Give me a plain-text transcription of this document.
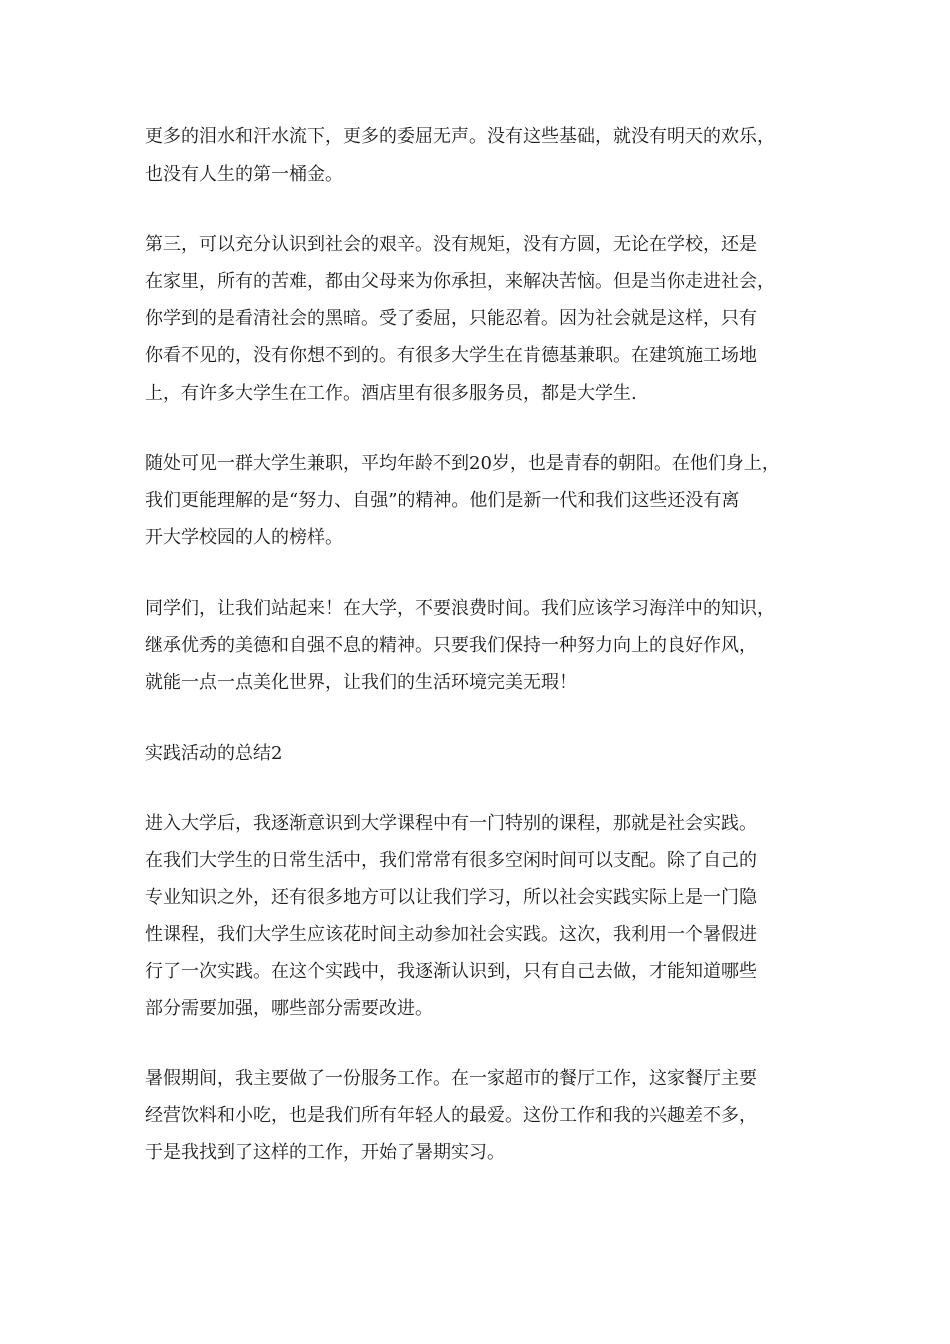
更多的泪水和汗水流下，更多的委屈无声。没有这些基础，就没有明天的欢乐，
也没有人生的第一桶金。
第三，可以充分认识到社会的艰辛。没有规矩，没有方圆，无论在学校，还是
在家里，所有的苦难，都由父母来为你承担，来解决苦恼。但是当你走进社会，
你学到的是看清社会的黑暗。受了委屈，只能忍着。因为社会就是这样，只有
你看不见的，没有你想不到的。有很多大学生在肯德基兼职。在建筑施工场地
上，有许多大学生在工作。酒店里有很多服务员，都是大学生.
随处可见一群大学生兼职，平均年龄不到20岁，也是青春的朝阳。在他们身上，
我们更能理解的是“努力、自强”的精神。他们是新一代和我们这些还没有离
开大学校园的人的榜样。
同学们，让我们站起来！在大学，不要浪费时间。我们应该学习海洋中的知识，
继承优秀的美德和自强不息的精神。只要我们保持一种努力向上的良好作风，
就能一点一点美化世界，让我们的生活环境完美无瑕！
实践活动的总结2
进入大学后，我逐渐意识到大学课程中有一门特别的课程，那就是社会实践。
在我们大学生的日常生活中，我们常常有很多空闲时间可以支配。除了自己的
专业知识之外，还有很多地方可以让我们学习，所以社会实践实际上是一门隐
性课程，我们大学生应该花时间主动参加社会实践。这次，我利用一个暑假进
行了一次实践。在这个实践中，我逐渐认识到，只有自己去做，才能知道哪些
部分需要加强，哪些部分需要改进。
暑假期间，我主要做了一份服务工作。在一家超市的餐厅工作，这家餐厅主要
经营饮料和小吃，也是我们所有年轻人的最爱。这份工作和我的兴趣差不多，
于是我找到了这样的工作，开始了暑期实习。
